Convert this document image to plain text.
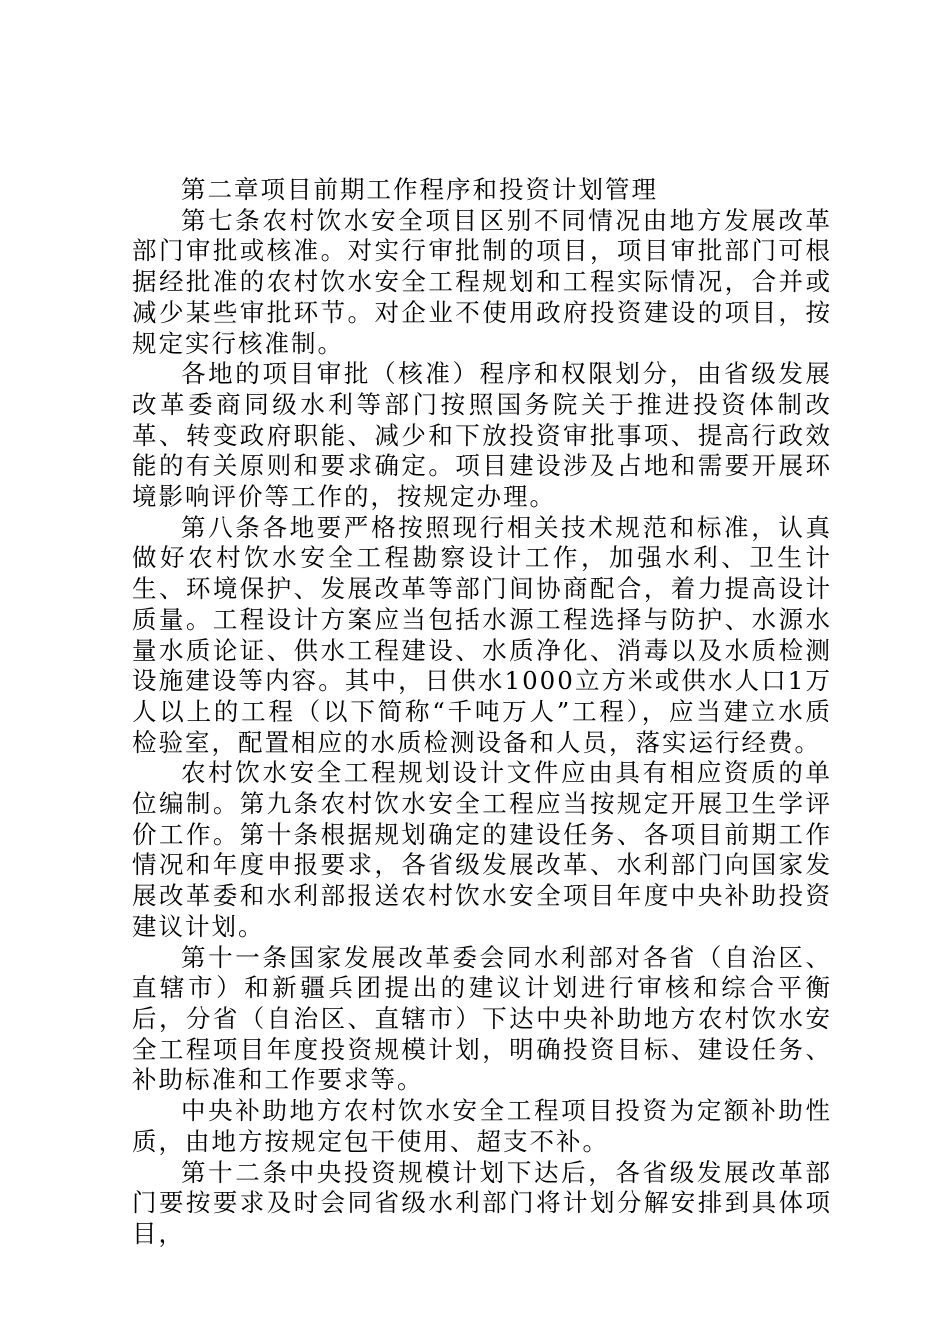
第二章项目前期工作程序和投资计划管理

第七条农村饮水安全项目区别不同情况由地方发展改革部门审批或核准。对实行审批制的项目，项目审批部门可根据经批准的农村饮水安全工程规划和工程实际情况，合并或减少某些审批环节。对企业不使用政府投资建设的项目，按规定实行核准制。

各地的项目审批（核准）程序和权限划分，由省级发展改革委商同级水利等部门按照国务院关于推进投资体制改革、转变政府职能、减少和下放投资审批事项、提高行政效能的有关原则和要求确定。项目建设涉及占地和需要开展环境影响评价等工作的，按规定办理。

第八条各地要严格按照现行相关技术规范和标准，认真做好农村饮水安全工程勘察设计工作，加强水利、卫生计生、环境保护、发展改革等部门间协商配合，着力提高设计质量。工程设计方案应当包括水源工程选择与防护、水源水量水质论证、供水工程建设、水质净化、消毒以及水质检测设施建设等内容。其中，日供水1000立方米或供水人口1万人以上的工程（以下简称“千吨万人”工程），应当建立水质检验室，配置相应的水质检测设备和人员，落实运行经费。

农村饮水安全工程规划设计文件应由具有相应资质的单位编制。第九条农村饮水安全工程应当按规定开展卫生学评价工作。第十条根据规划确定的建设任务、各项目前期工作情况和年度申报要求，各省级发展改革、水利部门向国家发展改革委和水利部报送农村饮水安全项目年度中央补助投资建议计划。

第十一条国家发展改革委会同水利部对各省（自治区、直辖市）和新疆兵团提出的建议计划进行审核和综合平衡后，分省（自治区、直辖市）下达中央补助地方农村饮水安全工程项目年度投资规模计划，明确投资目标、建设任务、补助标准和工作要求等。

中央补助地方农村饮水安全工程项目投资为定额补助性质，由地方按规定包干使用、超支不补。

第十二条中央投资规模计划下达后，各省级发展改革部门要按要求及时会同省级水利部门将计划分解安排到具体项目，
